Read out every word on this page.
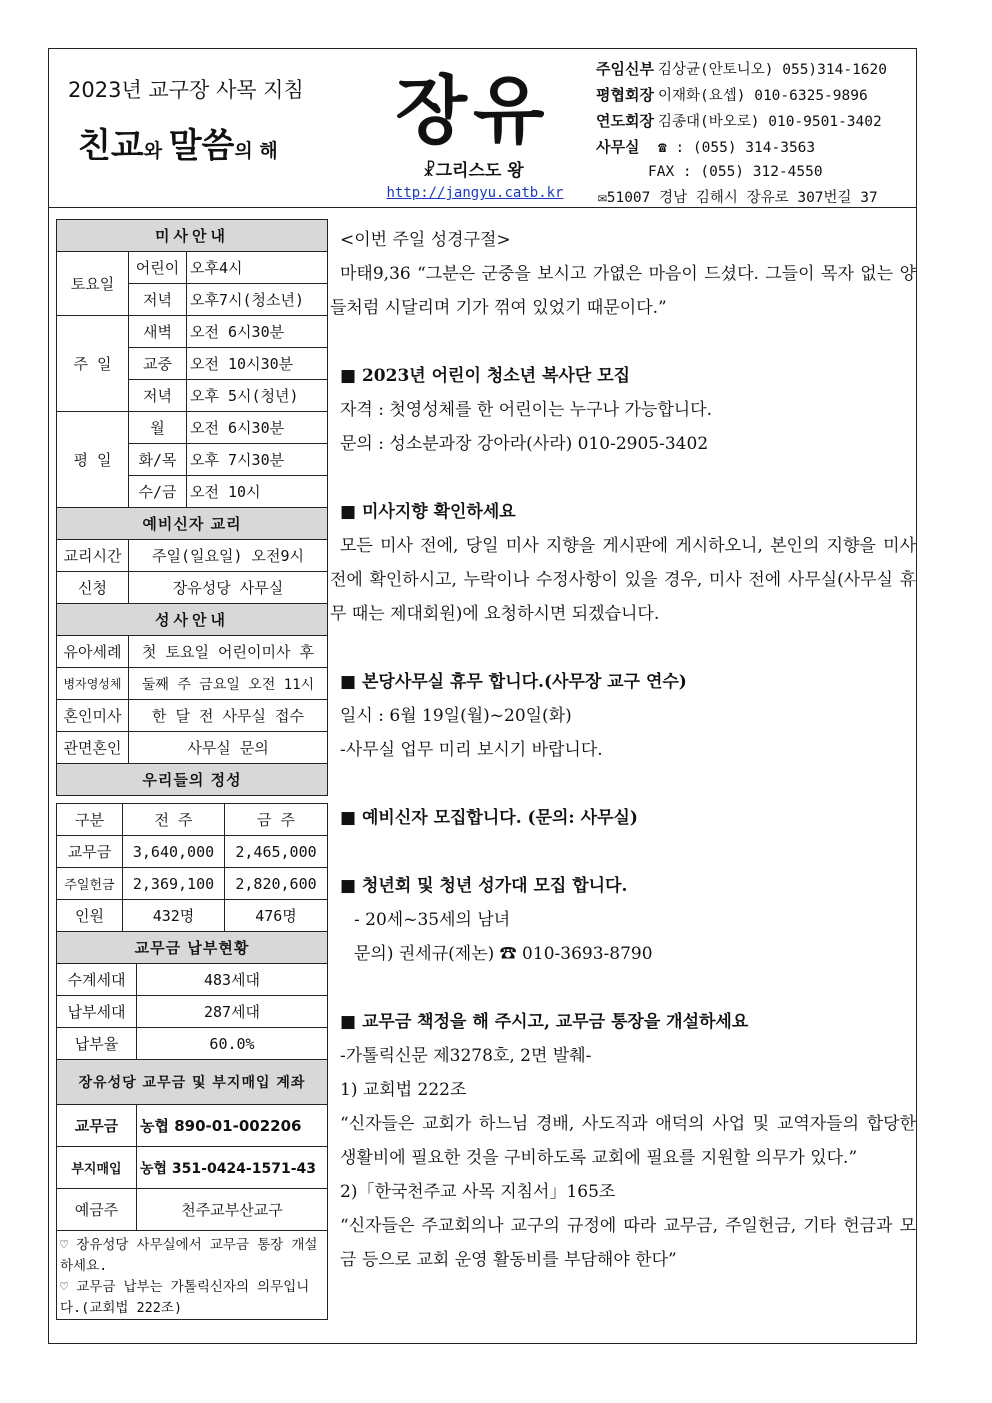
2023년 교구장 사목 지침
친교와 말씀의 해 장유
☧그리스도 왕
http://jangyu.catb.kr
주임신부 김상균(안토니오) 055)314-1620
평협회장 이재화(요셉) 010-6325-9896
연도회장 김종대(바오로) 010-9501-3402
사무실 ☎ : (055) 314-3563
FAX : (055) 312-4550
✉51007 경남 김해시 장유로 307번길 37
미사안내		
토요일	어린이	오후4시
	저녁	오후7시(청소년)
주 일	새벽	오전 6시30분
	교중	오전 10시30분
	저녁	오후 5시(청년)
평 일	월	오전 6시30분
	화/목	오후 7시30분
	수/금	오전 10시
예비신자 교리		
교리시간	주일(일요일) 오전9시	
신청	장유성당 사무실	
성사안내		
유아세례	첫 토요일 어린이미사 후	
병자영성체	둘째 주 금요일 오전 11시	
혼인미사	한 달 전 사무실 접수	
관면혼인	사무실 문의	
우리들의 정성		
구분	전 주	금 주
교무금	3,640,000	2,465,000
주일헌금	2,369,100	2,820,600
인원	432명	476명
교무금 납부현황		
수계세대	483세대
납부세대	287세대
납부율	60.0%
장유성당 교무금 및 부지매입 계좌	
교무금	농협 890-01-002206
부지매입	농협 351-0424-1571-43
예금주	천주교부산교구

♡ 장유성당 사무실에서 교무금 통장 개설하세요.
♡ 교무금 납부는 가톨릭신자의 의무입니다.(교회법 222조)	
<이번 주일 성경구절>
마태9,36 “그분은 군중을 보시고 가엾은 마음이 드셨다. 그들이 목자 없는 양들처럼 시달리며 기가 꺾여 있었기 때문이다.”
■ 2023년 어린이 청소년 복사단 모집
자격 : 첫영성체를 한 어린이는 누구나 가능합니다.
문의 : 성소분과장 강아라(사라) 010-2905-3402
■ 미사지향 확인하세요
모든 미사 전에, 당일 미사 지향을 게시판에 게시하오니, 본인의 지향을 미사 전에 확인하시고, 누락이나 수정사항이 있을 경우, 미사 전에 사무실(사무실 휴무 때는 제대회원)에 요청하시면 되겠습니다.
■ 본당사무실 휴무 합니다.(사무장 교구 연수)
일시 : 6월 19일(월)~20일(화)
-사무실 업무 미리 보시기 바랍니다.
■ 예비신자 모집합니다. (문의: 사무실)
■ 청년회 및 청년 성가대 모집 합니다.
- 20세~35세의 남녀
문의) 권세규(제논) ☎ 010-3693-8790
■ 교무금 책정을 해 주시고, 교무금 통장을 개설하세요
-가톨릭신문 제3278호, 2면 발췌-
1) 교회법 222조
“신자들은 교회가 하느님 경배, 사도직과 애덕의 사업 및 교역자들의 합당한 생활비에 필요한 것을 구비하도록 교회에 필요를 지원할 의무가 있다.”
2)「한국천주교 사목 지침서」165조
“신자들은 주교회의나 교구의 규정에 따라 교무금, 주일헌금, 기타 헌금과 모금 등으로 교회 운영 활동비를 부담해야 한다”
